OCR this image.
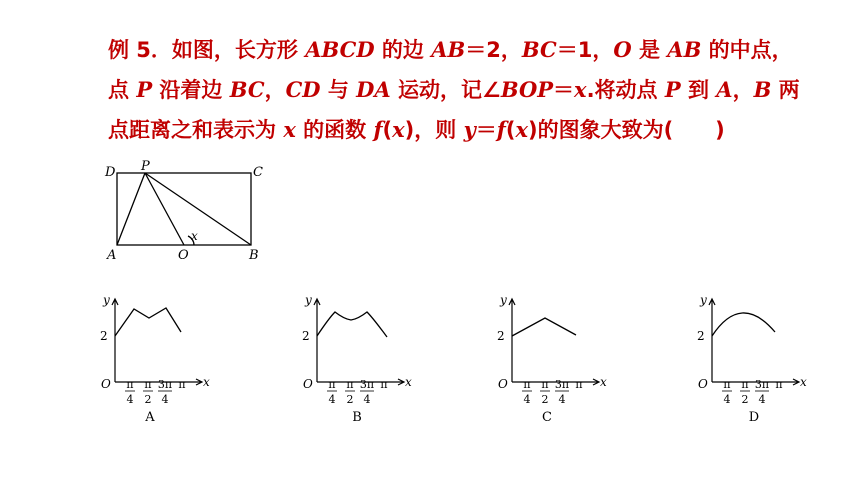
例 5．如图，长方形 ABCD 的边 AB＝2，BC＝1，O 是 AB 的中点，

点 P 沿着边 BC，CD 与 DA 运动，记∠BOP＝x.将动点 P 到 A，B 两

点距离之和表示为 x 的函数 f(x)，则 y＝f(x)的图象大致为(　　)

D P	C
A	O	B
x
y
2
O	x
π
4
π
2
3π
4
π
A
y
2
O	x
π
4
π
2
3π
4
π
B
y
2
O	x
π
4
π
2
3π
4
π
C
y
2
O	x
π
4
π
2
3π
4
π
D
